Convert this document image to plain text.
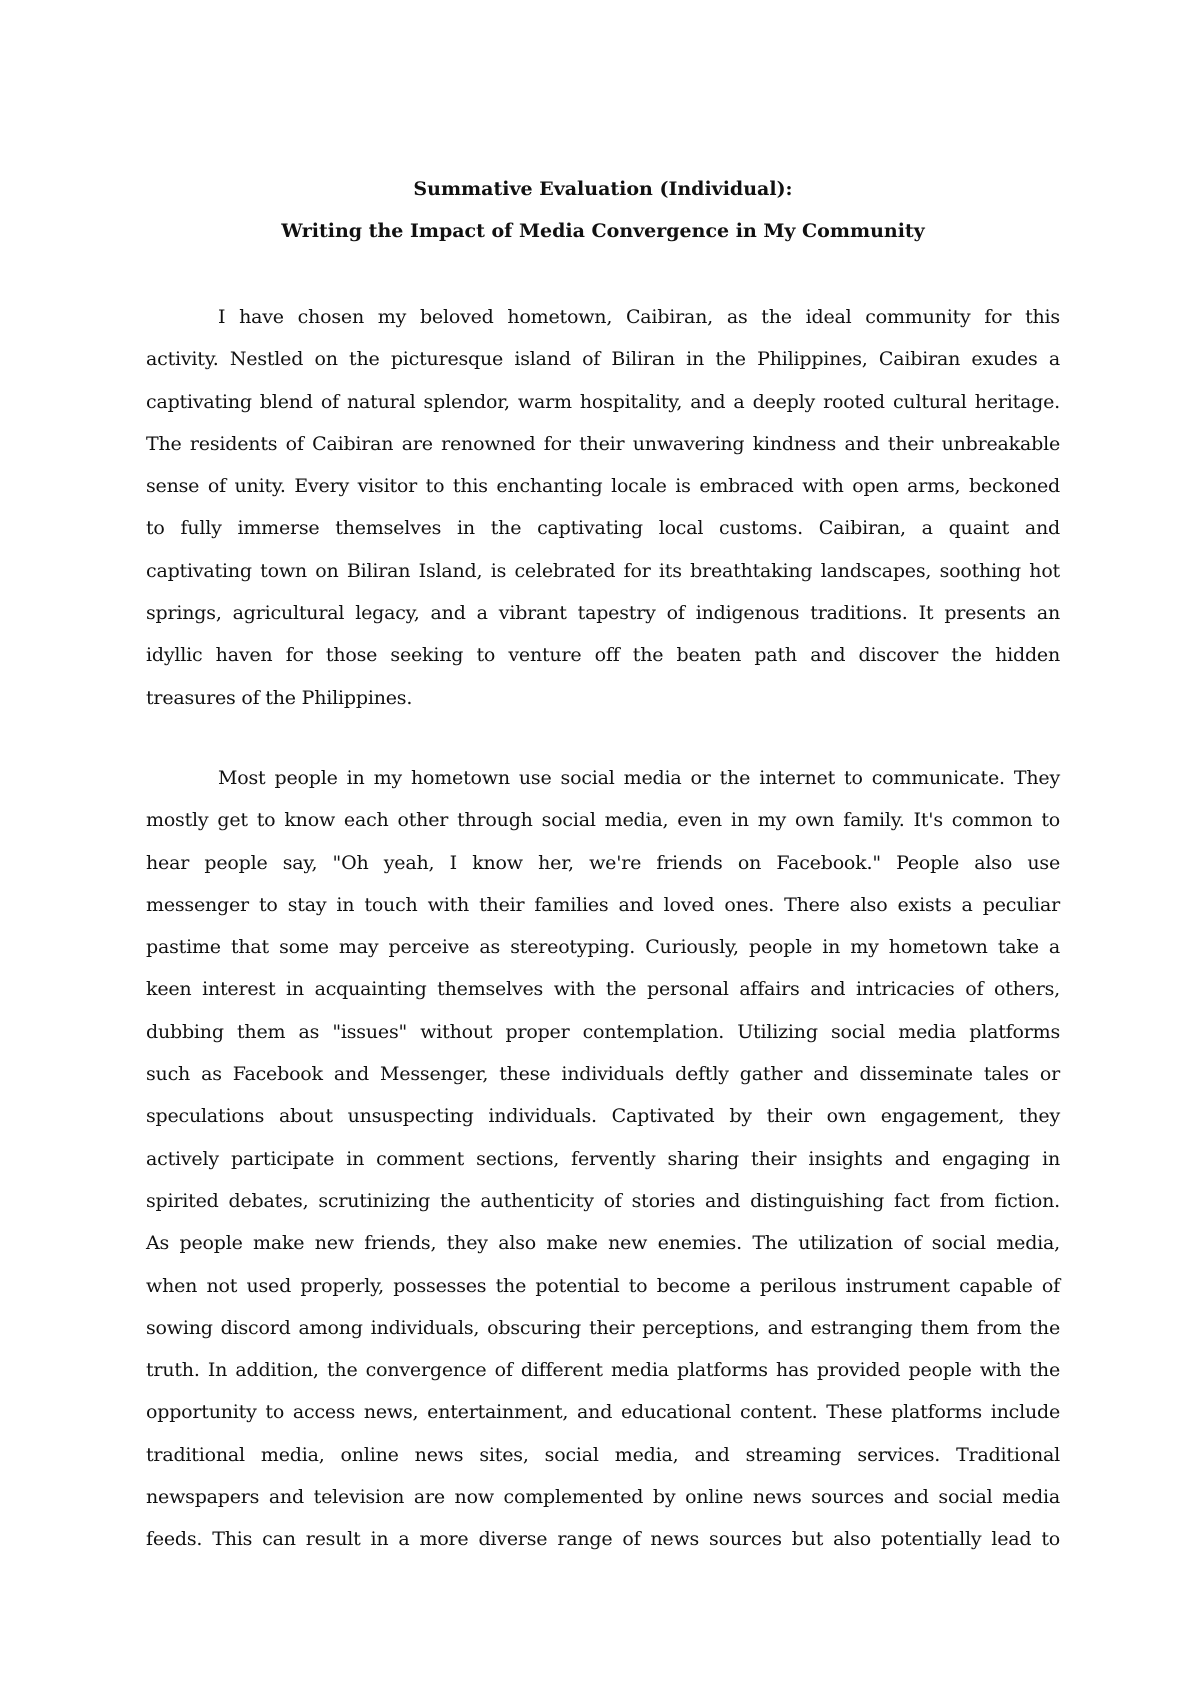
Summative Evaluation (Individual):
Writing the Impact of Media Convergence in My Community
I have chosen my beloved hometown, Caibiran, as the ideal community for this
activity. Nestled on the picturesque island of Biliran in the Philippines, Caibiran exudes a
captivating blend of natural splendor, warm hospitality, and a deeply rooted cultural heritage.
The residents of Caibiran are renowned for their unwavering kindness and their unbreakable
sense of unity. Every visitor to this enchanting locale is embraced with open arms, beckoned
to fully immerse themselves in the captivating local customs. Caibiran, a quaint and
captivating town on Biliran Island, is celebrated for its breathtaking landscapes, soothing hot
springs, agricultural legacy, and a vibrant tapestry of indigenous traditions. It presents an
idyllic haven for those seeking to venture off the beaten path and discover the hidden
treasures of the Philippines.
Most people in my hometown use social media or the internet to communicate. They
mostly get to know each other through social media, even in my own family. It's common to
hear people say, "Oh yeah, I know her, we're friends on Facebook." People also use
messenger to stay in touch with their families and loved ones. There also exists a peculiar
pastime that some may perceive as stereotyping. Curiously, people in my hometown take a
keen interest in acquainting themselves with the personal affairs and intricacies of others,
dubbing them as "issues" without proper contemplation. Utilizing social media platforms
such as Facebook and Messenger, these individuals deftly gather and disseminate tales or
speculations about unsuspecting individuals. Captivated by their own engagement, they
actively participate in comment sections, fervently sharing their insights and engaging in
spirited debates, scrutinizing the authenticity of stories and distinguishing fact from fiction.
As people make new friends, they also make new enemies. The utilization of social media,
when not used properly, possesses the potential to become a perilous instrument capable of
sowing discord among individuals, obscuring their perceptions, and estranging them from the
truth. In addition, the convergence of different media platforms has provided people with the
opportunity to access news, entertainment, and educational content. These platforms include
traditional media, online news sites, social media, and streaming services. Traditional
newspapers and television are now complemented by online news sources and social media
feeds. This can result in a more diverse range of news sources but also potentially lead to
